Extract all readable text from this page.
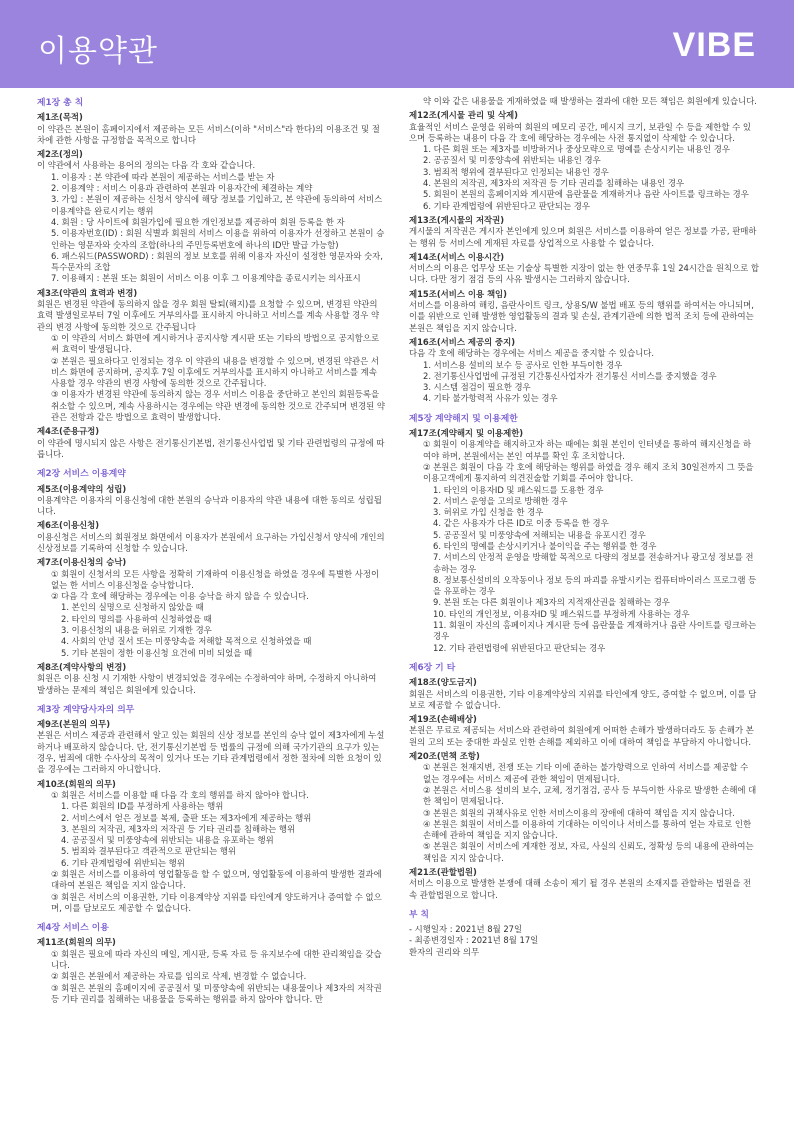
이용약관	VIBE
제1장 총 칙
제1조(목적)
이 약관은 본원이 홈페이지에서 제공하는 모든 서비스(이하 "서비스"라 한다)의 이용조건 및 절차에 관한 사항을 규정함을 목적으로 합니다
제2조(정의)
이 약관에서 사용하는 용어의 정의는 다음 각 호와 같습니다.
1. 이용자 : 본 약관에 따라 본원이 제공하는 서비스를 받는 자
2. 이용계약 : 서비스 이용과 관련하여 본원과 이용자간에 체결하는 계약
3. 가입 : 본원이 제공하는 신청서 양식에 해당 정보를 기입하고, 본 약관에 동의하여 서비스 이용계약을 완료시키는 행위
4. 회원 : 당 사이트에 회원가입에 필요한 개인정보를 제공하여 회원 등록을 한 자
5. 이용자번호(ID) : 회원 식별과 회원의 서비스 이용을 위하여 이용자가 선정하고 본원이 승인하는 영문자와 숫자의 조합(하나의 주민등록번호에 하나의 ID만 발급 가능함)
6. 패스워드(PASSWORD) : 회원의 정보 보호를 위해 이용자 자신이 설정한 영문자와 숫자, 특수문자의 조합
7. 이용해지 : 본원 또는 회원이 서비스 이용 이후 그 이용계약을 종료시키는 의사표시
제3조(약관의 효력과 변경)
회원은 변경된 약관에 동의하지 않을 경우 회원 탈퇴(해지)를 요청할 수 있으며, 변경된 약관의 효력 발생일로부터 7일 이후에도 거부의사를 표시하지 아니하고 서비스를 계속 사용할 경우 약관의 변경 사항에 동의한 것으로 간주됩니다
① 이 약관의 서비스 화면에 게시하거나 공지사항 게시판 또는 기타의 방법으로 공지함으로써 효력이 발생됩니다.
② 본원은 필요하다고 인정되는 경우 이 약관의 내용을 변경할 수 있으며, 변경된 약관은 서비스 화면에 공지하며, 공지후 7일 이후에도 거부의사를 표시하지 아니하고 서비스를 계속 사용할 경우 약관의 변경 사항에 동의한 것으로 간주됩니다.
③ 이용자가 변경된 약관에 동의하지 않는 경우 서비스 이용을 중단하고 본인의 회원등록을 취소할 수 있으며, 계속 사용하시는 경우에는 약관 변경에 동의한 것으로 간주되며 변경된 약관은 전항과 같은 방법으로 효력이 발생합니다.
제4조(준용규정)
이 약관에 명시되지 않은 사항은 전기통신기본법, 전기통신사업법 및 기타 관련법령의 규정에 따릅니다.
제2장 서비스 이용계약
제5조(이용계약의 성립)
이용계약은 이용자의 이용신청에 대한 본원의 승낙과 이용자의 약관 내용에 대한 동의로 성립됩니다.
제6조(이용신청)
이용신청은 서비스의 회원정보 화면에서 이용자가 본원에서 요구하는 가입신청서 양식에 개인의 신상정보를 기록하여 신청할 수 있습니다.
제7조(이용신청의 승낙)
① 회원이 신청서의 모든 사항을 정확히 기재하여 이용신청을 하였을 경우에 특별한 사정이 없는 한 서비스 이용신청을 승낙합니다.
② 다음 각 호에 해당하는 경우에는 이용 승낙을 하지 않을 수 있습니다.
1. 본인의 실명으로 신청하지 않았을 때
2. 타인의 명의를 사용하여 신청하였을 때
3. 이용신청의 내용을 허위로 기재한 경우
4. 사회의 안녕 질서 또는 미풍양속을 저해할 목적으로 신청하였을 때
5. 기타 본원이 정한 이용신청 요건에 미비 되었을 때
제8조(계약사항의 변경)
회원은 이용 신청 시 기재한 사항이 변경되었을 경우에는 수정하여야 하며, 수정하지 아니하여 발생하는 문제의 책임은 회원에게 있습니다.
제3장 계약당사자의 의무
제9조(본원의 의무)
본원은 서비스 제공과 관련해서 알고 있는 회원의 신상 정보를 본인의 승낙 없이 제3자에게 누설하거나 배포하지 않습니다. 단, 전기통신기본법 등 법률의 규정에 의해 국가기관의 요구가 있는 경우, 범죄에 대한 수사상의 목적이 있거나 또는 기타 관계법령에서 정한 절차에 의한 요청이 있을 경우에는 그러하지 아니합니다.
제10조(회원의 의무)
① 회원은 서비스를 이용할 때 다음 각 호의 행위를 하지 않아야 합니다.
1. 다른 회원의 ID를 부정하게 사용하는 행위
2. 서비스에서 얻은 정보를 복제, 출판 또는 제3자에게 제공하는 행위
3. 본원의 저작권, 제3자의 저작권 등 기타 권리를 침해하는 행위
4. 공공질서 및 미풍양속에 위반되는 내용을 유포하는 행위
5. 범죄와 결부된다고 객관적으로 판단되는 행위
6. 기타 관계법령에 위반되는 행위
② 회원은 서비스를 이용하여 영업활동을 할 수 없으며, 영업활동에 이용하여 발생한 결과에 대하여 본원은 책임을 지지 않습니다.
③ 회원은 서비스의 이용권한, 기타 이용계약상 지위를 타인에게 양도하거나 증여할 수 없으며, 이를 담보로도 제공할 수 없습니다.
제4장 서비스 이용
제11조(회원의 의무)
① 회원은 필요에 따라 자신의 메일, 게시판, 등록 자료 등 유지보수에 대한 관리책임을 갖습니다.
② 회원은 본원에서 제공하는 자료를 임의로 삭제, 변경할 수 없습니다.
③ 회원은 본원의 홈페이지에 공공질서 및 미풍양속에 위반되는 내용물이나 제3자의 저작권 등 기타 권리를 침해하는 내용물을 등록하는 행위를 하지 않아야 합니다. 만
약 이와 같은 내용물을 게재하였을 때 발생하는 결과에 대한 모든 책임은 회원에게 있습니다.
제12조(게시물 관리 및 삭제)
효율적인 서비스 운영을 위하여 회원의 메모리 공간, 메시지 크기, 보관일 수 등을 제한할 수 있으며 등록하는 내용이 다음 각 호에 해당하는 경우에는 사전 통지없이 삭제할 수 있습니다.
1. 다른 회원 또는 제3자를 비방하거나 중상모략으로 명예를 손상시키는 내용인 경우
2. 공공질서 및 미풍양속에 위반되는 내용인 경우
3. 범죄적 행위에 결부된다고 인정되는 내용인 경우
4. 본원의 저작권, 제3자의 저작권 등 기타 권리를 침해하는 내용인 경우
5. 회원이 본원의 홈페이지와 게시판에 음란물을 게재하거나 음란 사이트를 링크하는 경우
6. 기타 관계법령에 위반된다고 판단되는 경우
제13조(게시물의 저작권)
게시물의 저작권은 게시자 본인에게 있으며 회원은 서비스를 이용하여 얻은 정보를 가공, 판매하는 행위 등 서비스에 게재된 자료를 상업적으로 사용할 수 없습니다.
제14조(서비스 이용시간)
서비스의 이용은 업무상 또는 기술상 특별한 지장이 없는 한 연중무휴 1일 24시간을 원칙으로 합니다. 다만 정기 점검 등의 사유 발생시는 그러하지 않습니다.
제15조(서비스 이용 책임)
서비스를 이용하여 해킹, 음란사이트 링크, 상용S/W 불법 배포 등의 행위를 하여서는 아니되며, 이를 위반으로 인해 발생한 영업활동의 결과 및 손실, 관계기관에 의한 법적 조치 등에 관하여는 본원은 책임을 지지 않습니다.
제16조(서비스 제공의 중지)
다음 각 호에 해당하는 경우에는 서비스 제공을 중지할 수 있습니다.
1. 서비스용 설비의 보수 등 공사로 인한 부득이한 경우
2. 전기통신사업법에 규정된 기간통신사업자가 전기통신 서비스를 중지했을 경우
3. 시스템 점검이 필요한 경우
4. 기타 불가항력적 사유가 있는 경우
제5장 계약해지 및 이용제한
제17조(계약해지 및 이용제한)
① 회원이 이용계약을 해지하고자 하는 때에는 회원 본인이 인터넷을 통하여 해지신청을 하여야 하며, 본원에서는 본인 여부를 확인 후 조치합니다.
② 본원은 회원이 다음 각 호에 해당하는 행위를 하였을 경우 해지 조치 30일전까지 그 뜻을 이용고객에게 통지하여 의견진술할 기회를 주어야 합니다.
1. 타인의 이용자ID 및 패스워드를 도용한 경우
2. 서비스 운영을 고의로 방해한 경우
3. 허위로 가입 신청을 한 경우
4. 같은 사용자가 다른 ID로 이중 등록을 한 경우
5. 공공질서 및 미풍양속에 저해되는 내용을 유포시킨 경우
6. 타인의 명예를 손상시키거나 불이익을 주는 행위를 한 경우
7. 서비스의 안정적 운영을 방해할 목적으로 다량의 정보를 전송하거나 광고성 정보를 전송하는 경우
8. 정보통신설비의 오작동이나 정보 등의 파괴를 유발시키는 컴퓨터바이러스 프로그램 등을 유포하는 경우
9. 본원 또는 다른 회원이나 제3자의 지적재산권을 침해하는 경우
10. 타인의 개인정보, 이용자ID 및 패스워드를 부정하게 사용하는 경우
11. 회원이 자신의 홈페이지나 게시판 등에 음란물을 게재하거나 음란 사이트를 링크하는 경우
12. 기타 관련법령에 위반된다고 판단되는 경우
제6장 기 타
제18조(양도금지)
회원은 서비스의 이용권한, 기타 이용계약상의 지위를 타인에게 양도, 증여할 수 없으며, 이를 담보로 제공할 수 없습니다.
제19조(손해배상)
본원은 무료로 제공되는 서비스와 관련하여 회원에게 어떠한 손해가 발생하더라도 동 손해가 본원의 고의 또는 중대한 과실로 인한 손해를 제외하고 이에 대하여 책임을 부담하지 아니합니다.
제20조(면책 조항)
① 본원은 천재지변, 전쟁 또는 기타 이에 준하는 불가항력으로 인하여 서비스를 제공할 수 없는 경우에는 서비스 제공에 관한 책임이 면제됩니다.
② 본원은 서비스용 설비의 보수, 교체, 정기점검, 공사 등 부득이한 사유로 발생한 손해에 대한 책임이 면제됩니다.
③ 본원은 회원의 귀책사유로 인한 서비스이용의 장애에 대하여 책임을 지지 않습니다.
④ 본원은 회원이 서비스를 이용하여 기대하는 이익이나 서비스를 통하여 얻는 자료로 인한 손해에 관하여 책임을 지지 않습니다.
⑤ 본원은 회원이 서비스에 게재한 정보, 자료, 사실의 신뢰도, 정확성 등의 내용에 관하여는 책임을 지지 않습니다.
제21조(관할법원)
서비스 이용으로 발생한 분쟁에 대해 소송이 제기 될 경우 본원의 소재지를 관할하는 법원을 전속 관할법원으로 합니다.
부 칙
- 시행일자 : 2021년 8월 27일
- 최종변경일자 : 2021년 8월 17일
환자의 권리와 의무
